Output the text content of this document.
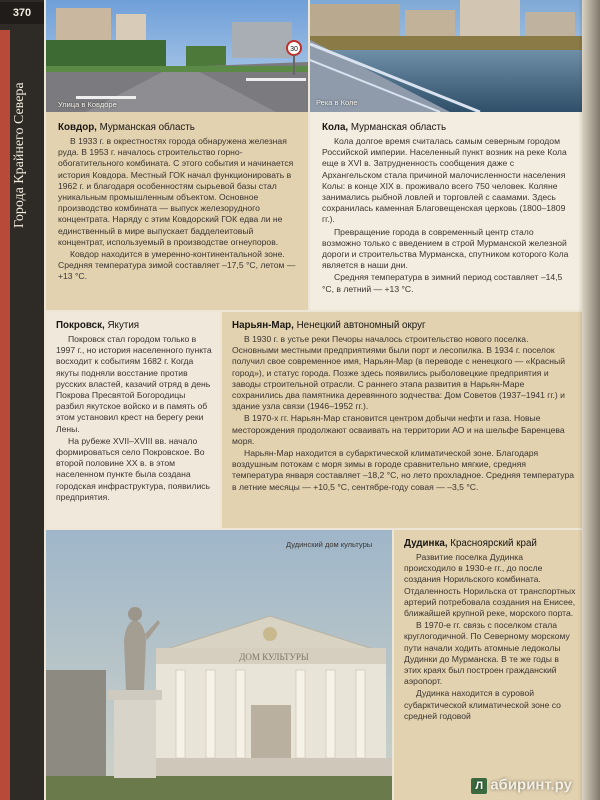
370
Города Крайнего Севера
30
Улица в Ковдоре	Река в Коле
Ковдор, Мурманская область

В 1933 г. в окрестностях города обнаружена железная руда. В 1953 г. началось строительство горно-обогатительного комбината. С этого события и начинается история Ковдора. Местный ГОК начал функционировать в 1962 г. и благодаря особенностям сырьевой базы стал уникальным промышленным объектом. Основное производство комбината — выпуск железорудного концентрата. Наряду с этим Ковдорский ГОК едва ли не единственный в мире выпускает бадделеитовый концентрат, используемый в производстве огнеупоров.

Ковдор находится в умеренно-континентальной зоне. Средняя температура зимой составляет –17,5 °С, летом — +13 °С.

Кола, Мурманская область

Кола долгое время считалась самым северным городом Российской империи. Населенный пункт возник на реке Кола еще в XVI в. Затрудненность сообщения даже с Архангельском стала причиной малочисленности населения Колы: в конце XIX в. проживало всего 750 человек. Коляне занимались рыбной ловлей и торговлей с саамами. Здесь сохранилась каменная Благовещенская церковь (1800–1809 гг.).

Превращение города в современный центр стало возможно только с введением в строй Мурманской железной дороги и строительства Мурманска, спутником которого Кола является в наши дни.

Средняя температура в зимний период составляет –14,5 °С, в летний — +13 °С.

Покровск, Якутия

Покровск стал городом только в 1997 г., но история населенного пункта восходит к событиям 1682 г. Когда якуты подняли восстание против русских властей, казачий отряд в день Покрова Пресвятой Богородицы разбил якутское войско и в память об этом установил крест на берегу реки Лены.

На рубеже XVII–XVIII вв. начало формироваться село Покровское. Во второй половине XX в. в этом населенном пункте была создана городская инфраструктура, появились предприятия.

Нарьян-Мар, Ненецкий автономный округ

В 1930 г. в устье реки Печоры началось строительство нового поселка. Основными местными предприятиями были порт и лесопилка. В 1934 г. поселок получил свое современное имя, Нарьян-Мар (в переводе с ненецкого — «Красный город»), и статус города. Позже здесь появились рыболовецкие предприятия и заводы строительной отрасли. С раннего этапа развития в Нарьян-Маре сохранились два памятника деревянного зодчества: Дом Советов (1937–1941 гг.) и здание узла связи (1946–1952 гг.).

В 1970-х гг. Нарьян-Мар становится центром добычи нефти и газа. Новые месторождения продолжают осваивать на территории АО и на шельфе Баренцева моря.

Нарьян-Мар находится в субарктической климатической зоне. Благодаря воздушным потокам с моря зимы в городе сравнительно мягкие, средняя температура января составляет –18,2 °С, но лето прохладное. Средняя температура в летние месяцы — +10,5 °С, сентябре-году совая — –3,5 °С.

ДОМ КУЛЬТУРЫ
Дудинский дом культуры	Дудинка, Красноярский край

Развитие поселка Дудинка происходило в 1930-е гг., до после создания Норильского комбината. Отдаленность Норильска от транспортных артерий потребовала создания на Енисее, ближайшей крупной реке, морского порта.

В 1970-е гг. связь с поселком стала круглогодичной. По Северному морскому пути начали ходить атомные ледоколы Дудинки до Мурманска. В те же годы в этих краях был построен гражданский аэропорт.

Дудинка находится в суровой субарктической климатической зоне со средней годовой

Л абиринт.ру
